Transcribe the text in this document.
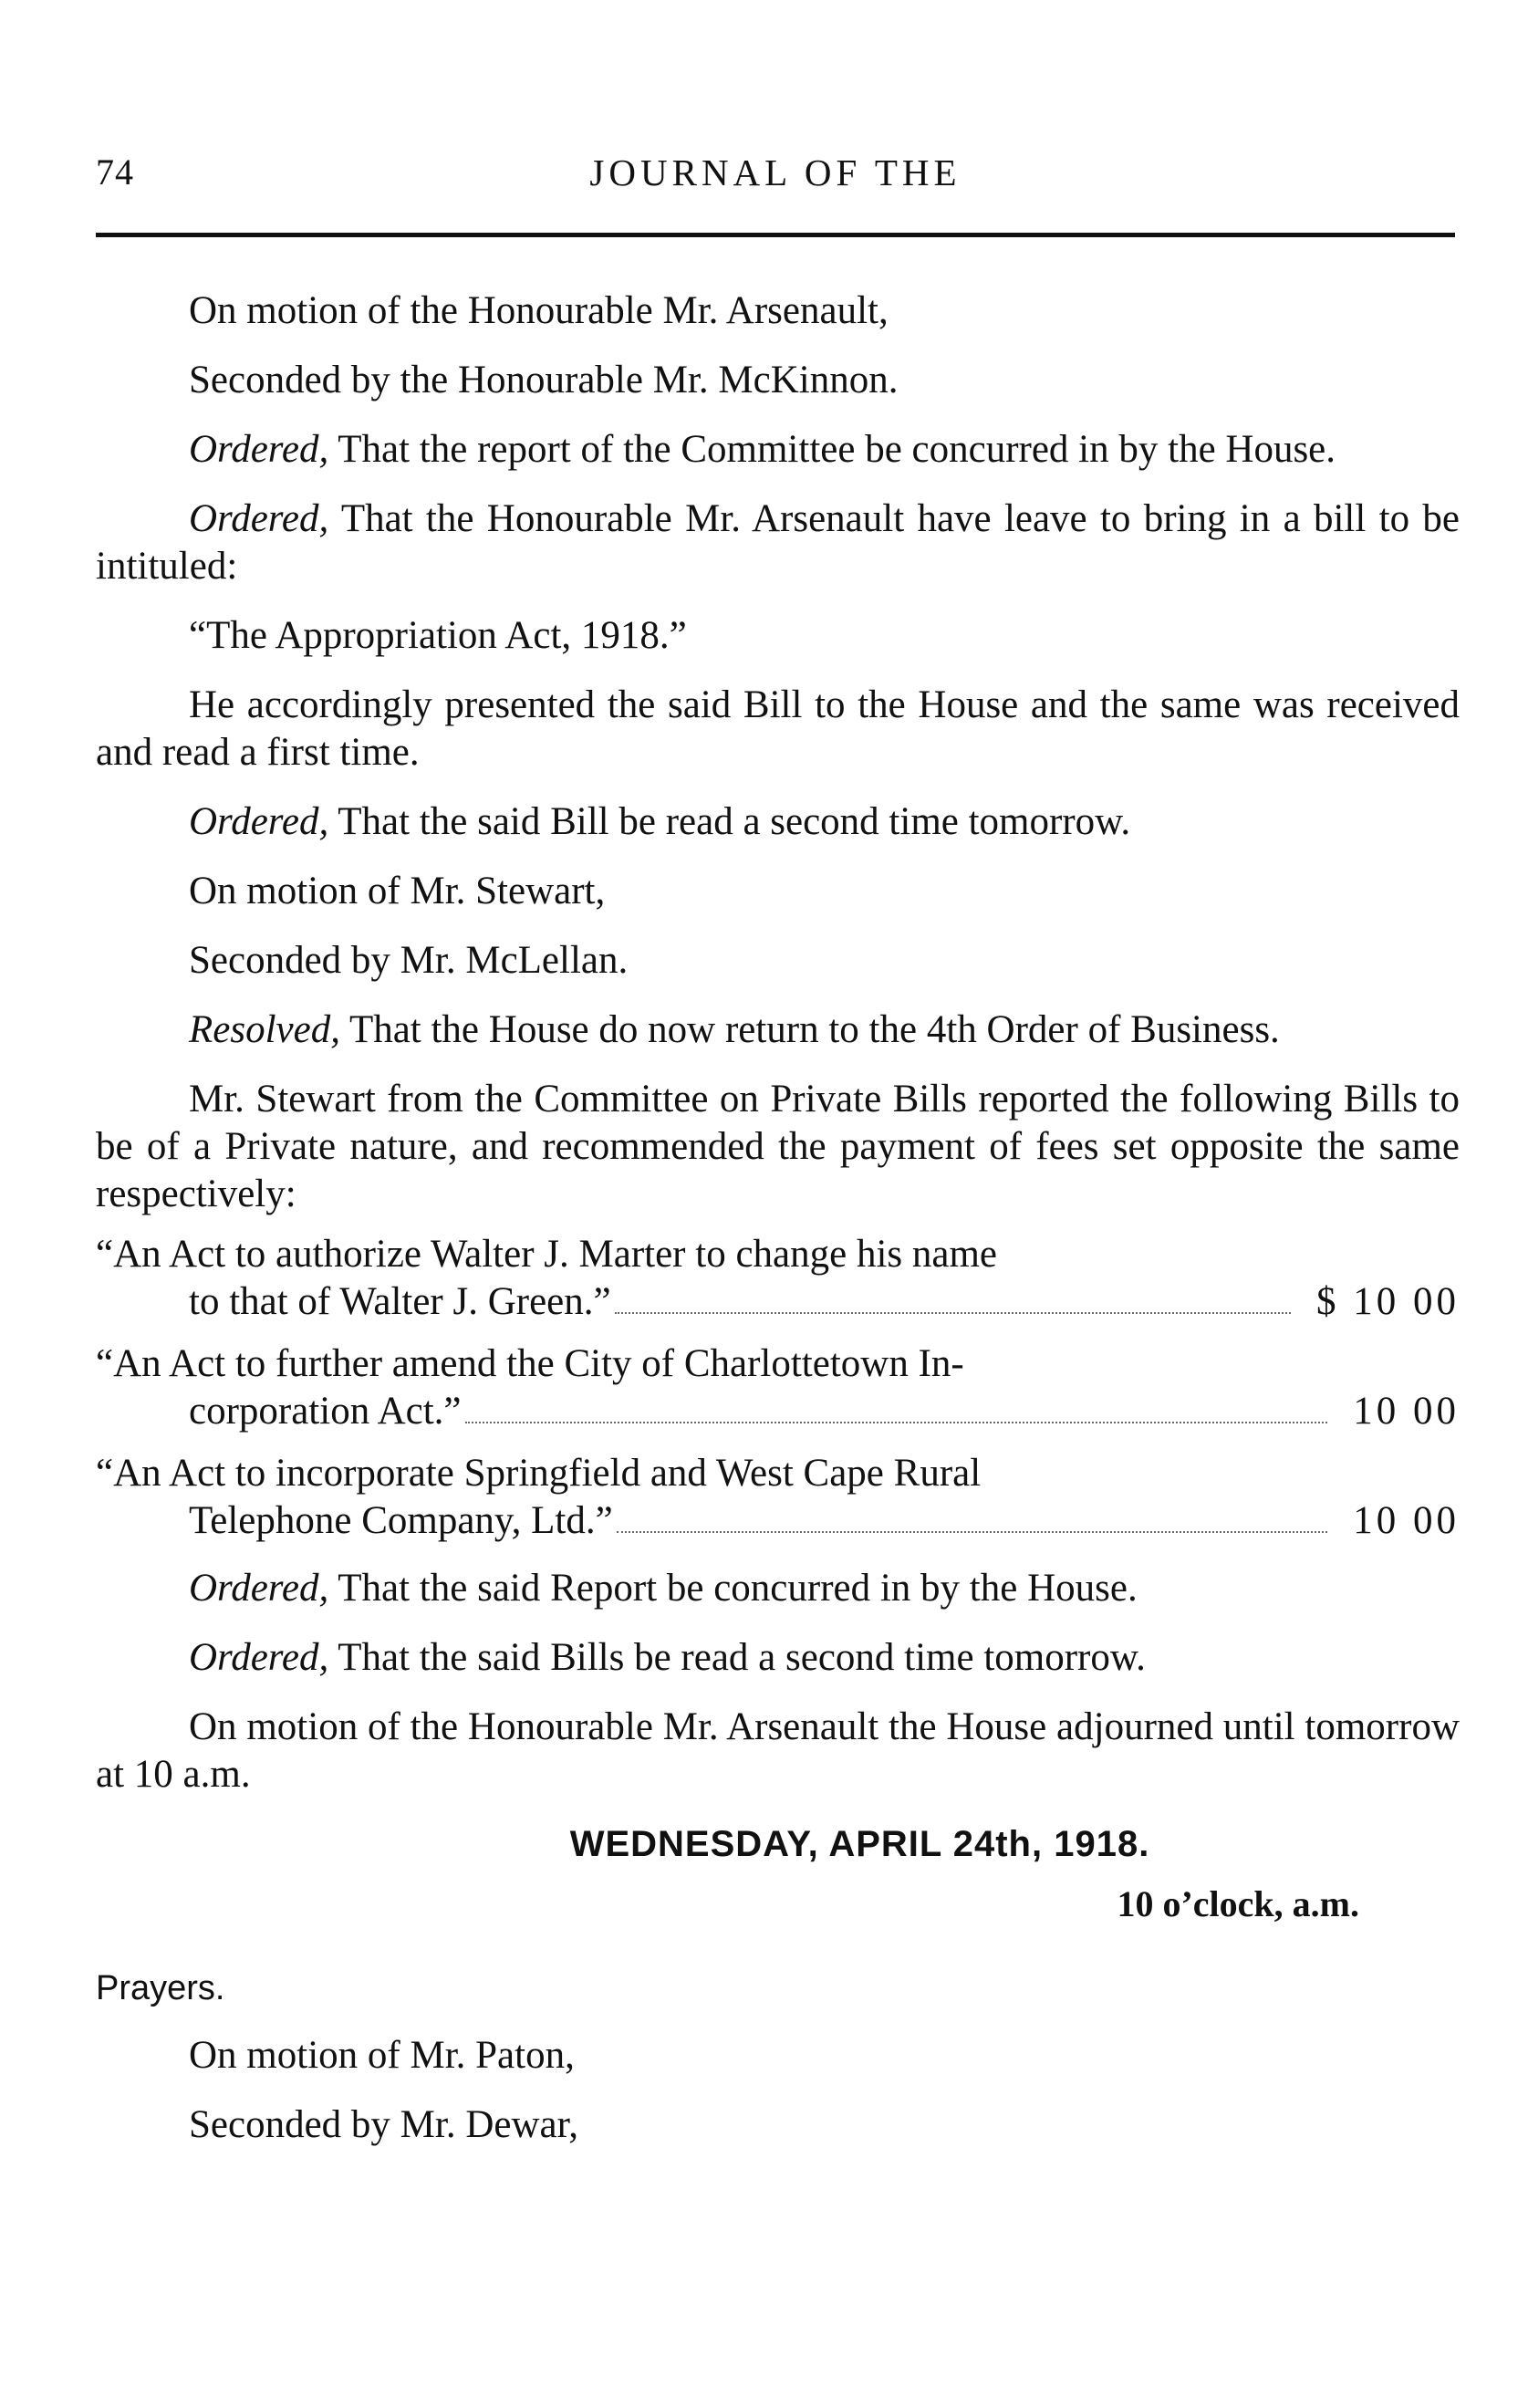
74	JOURNAL OF THE

On motion of the Honourable Mr. Arsenault,

Seconded by the Honourable Mr. McKinnon.

Ordered, That the report of the Committee be concurred in by the House.

Ordered, That the Honourable Mr. Arsenault have leave to bring in a bill to be intituled:

“The Appropriation Act, 1918.”

He accordingly presented the said Bill to the House and the same was received and read a first time.

Ordered, That the said Bill be read a second time tomorrow.

On motion of Mr. Stewart,

Seconded by Mr. McLellan.

Resolved, That the House do now return to the 4th Order of Business.

Mr. Stewart from the Committee on Private Bills reported the following Bills to be of a Private nature, and recommended the payment of fees set opposite the same respectively:

“An Act to authorize Walter J. Marter to change his name
to that of Walter J. Green.”	$ 10 00
“An Act to further amend the City of Charlottetown In-
corporation Act.”	10 00
“An Act to incorporate Springfield and West Cape Rural
Telephone Company, Ltd.”	10 00

Ordered, That the said Report be concurred in by the House.

Ordered, That the said Bills be read a second time tomorrow.

On motion of the Honourable Mr. Arsenault the House adjourned until tomorrow at 10 a.m.

WEDNESDAY, APRIL 24th, 1918.
10 o’clock, a.m.
Prayers.

On motion of Mr. Paton,

Seconded by Mr. Dewar,
